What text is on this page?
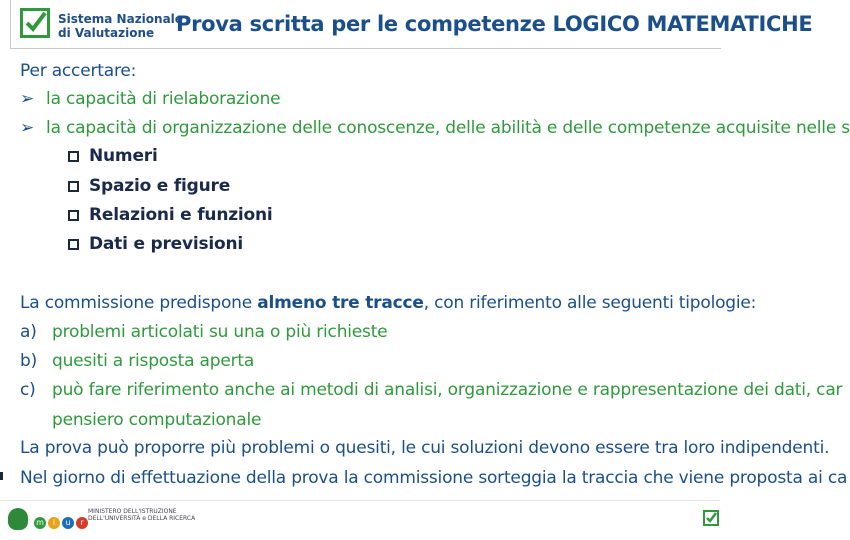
Sistema Nazionale
di Valutazione	Prova scritta per le competenze LOGICO MATEMATICHE
Per accertare:
➢ la capacità di rielaborazione
➢ la capacità di organizzazione delle conoscenze, delle abilità e delle competenze acquisite nelle s
Numeri
Spazio e figure
Relazioni e funzioni
Dati e previsioni
La commissione predispone almeno tre tracce, con riferimento alle seguenti tipologie:
a) problemi articolati su una o più richieste
b) quesiti a risposta aperta
c) può fare riferimento anche ai metodi di analisi, organizzazione e rappresentazione dei dati, car
pensiero computazionale
La prova può proporre più problemi o quesiti, le cui soluzioni devono essere tra loro indipendenti.
Nel giorno di effettuazione della prova la commissione sorteggia la traccia che viene proposta ai ca
m i u r
MINISTERO DELL'ISTRUZIONE
DELL'UNIVERSITÀ e DELLA RICERCA
